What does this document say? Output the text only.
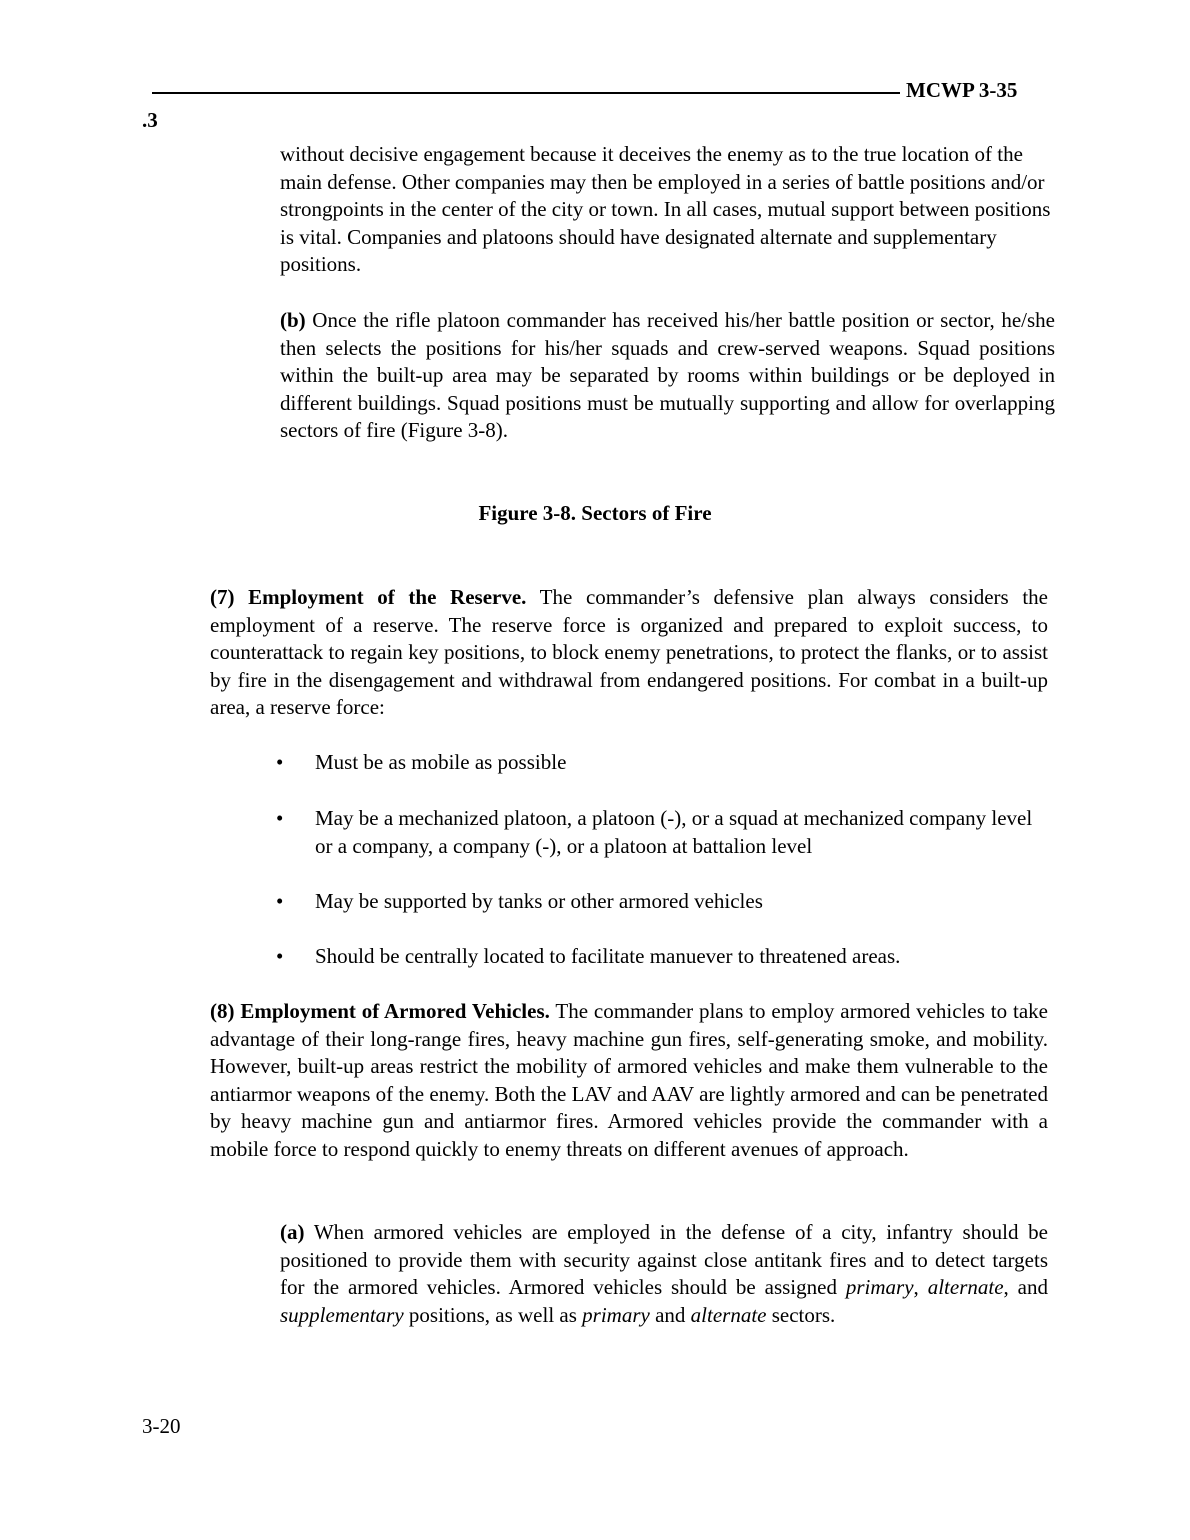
MCWP 3-35
.3

without decisive engagement because it deceives the enemy as to the true location of the main defense. Other companies may then be employed in a series of battle positions and/or strongpoints in the center of the city or town. In all cases, mutual support between positions is vital. Companies and platoons should have designated alternate and supplementary positions.

(b) Once the rifle platoon commander has received his/her battle position or sector, he/she then selects the positions for his/her squads and crew-served weapons. Squad positions within the built-up area may be separated by rooms within buildings or be deployed in different buildings. Squad positions must be mutually supporting and allow for overlapping sectors of fire (Figure 3-8).

Figure 3-8. Sectors of Fire

(7) Employment of the Reserve. The commander’s defensive plan always considers the employment of a reserve. The reserve force is organized and prepared to exploit success, to counterattack to regain key positions, to block enemy penetrations, to protect the flanks, or to assist by fire in the disengagement and withdrawal from endangered positions. For combat in a built-up area, a reserve force:

•	Must be as mobile as possible
•	May be a mechanized platoon, a platoon (-), or a squad at mechanized company level or a company, a company (-), or a platoon at battalion level
•	May be supported by tanks or other armored vehicles
•	Should be centrally located to facilitate manuever to threatened areas.

(8) Employment of Armored Vehicles. The commander plans to employ armored vehicles to take advantage of their long-range fires, heavy machine gun fires, self-generating smoke, and mobility. However, built-up areas restrict the mobility of armored vehicles and make them vulnerable to the antiarmor weapons of the enemy. Both the LAV and AAV are lightly armored and can be penetrated by heavy machine gun and antiarmor fires. Armored vehicles provide the commander with a mobile force to respond quickly to enemy threats on different avenues of approach.

(a) When armored vehicles are employed in the defense of a city, infantry should be positioned to provide them with security against close antitank fires and to detect targets for the armored vehicles. Armored vehicles should be assigned primary, alternate, and supplementary positions, as well as primary and alternate sectors.

3-20
